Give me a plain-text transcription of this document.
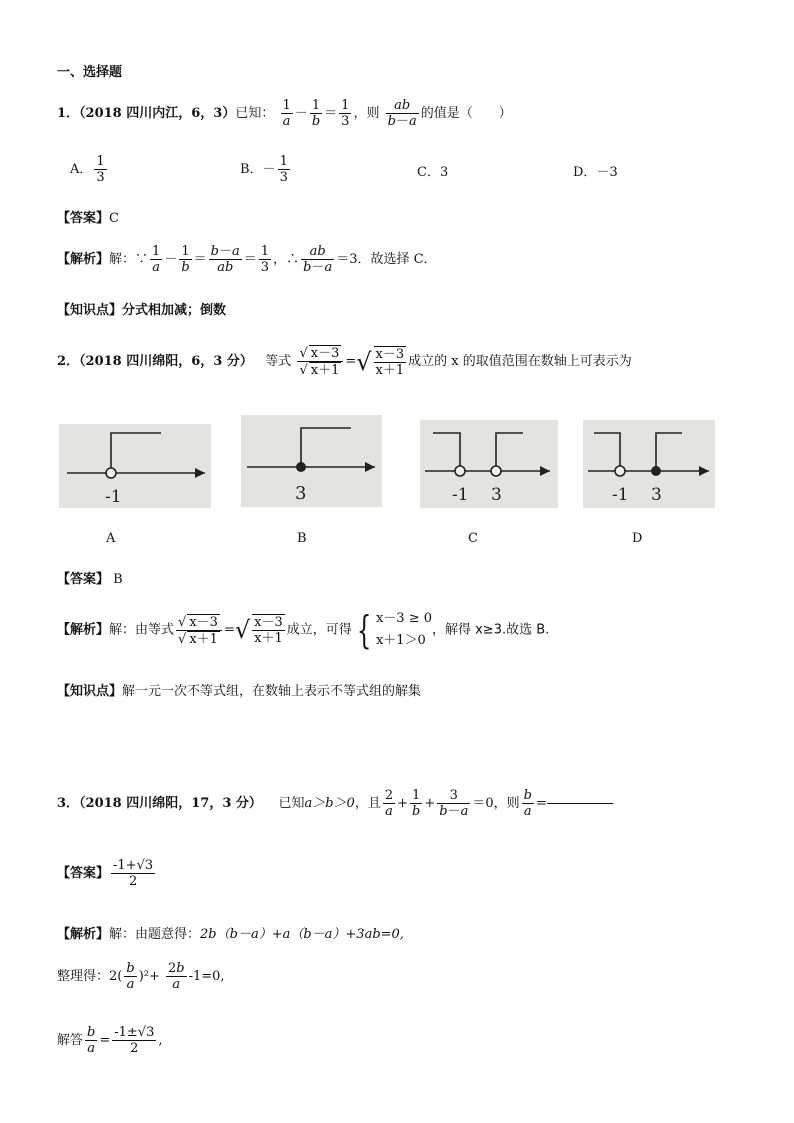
一、选择题
1．（2018 四川内江，6，3）已知： $\frac{1}{a} - \frac{1}{b} = \frac{1}{3}$ ，则 $\frac{ab}{b-a}$ 的值是（　　）
A． $\frac{1}{3}$	B．－ $\frac{1}{3}$	C．3	D．－3
【答案】C
【解析】解：∵ $\frac{1}{a} - \frac{1}{b} = \frac{b-a}{ab} = \frac{1}{3}$ ，∴ $\frac{ab}{b-a} =3$．故选择 C．
【知识点】分式相加减；倒数
2．（2018 四川绵阳，6，3 分） 等式 $\frac{√ x-3}{√ x+1}$ =√ $\frac{x-3}{x+1}$ 成立的 x 的取值范围在数轴上可表示为
-1	3	-1 3	-1 3
A	B	C	D
【答案】 B
【解析】解：由等式 $\frac{√ x-3}{√ x+1}$ =√ $\frac{x-3}{x+1}$ 成立，可得 { x－3 ≥ 0
x＋1＞0
，解得 x≥3.故选 B.
【知识点】解一元一次不等式组，在数轴上表示不等式组的解集
3．（2018 四川绵阳，17，3 分） 已知a＞b＞0，且 $\frac{2}{a} + \frac{1}{b} + \frac{3}{b-a} =0$，则 $\frac{b}{a}$ =
【答案】 $\frac{-1+√3}{2}$
【解析】解：由题意得：2b（b－a）+a（b－a）+3ab=0,
整理得：$2( \frac{b}{a} )^2+ \frac{2b}{a} -1=0$,
解答 $\frac{b}{a} = \frac{-1\pm√3}{2}$ ,
